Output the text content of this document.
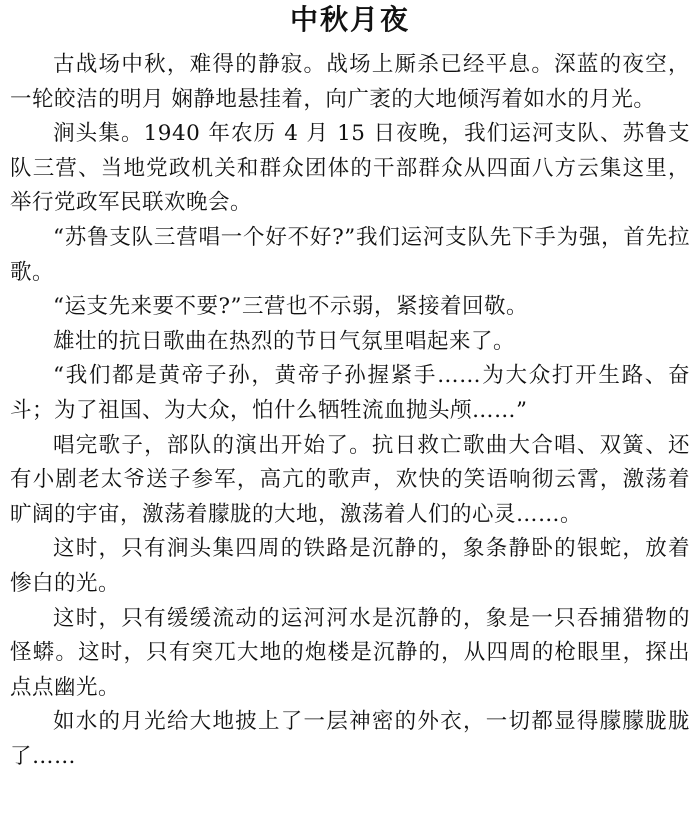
中秋月夜

古战场中秋，难得的静寂。战场上厮杀已经平息。深蓝的夜空，一轮皎洁的明月 娴静地悬挂着，向广袤的大地倾泻着如水的月光。

涧头集。1940 年农历 4 月 15 日夜晚，我们运河支队、苏鲁支队三营、当地党政机关和群众团体的干部群众从四面八方云集这里，举行党政军民联欢晚会。

“苏鲁支队三营唱一个好不好?”我们运河支队先下手为强，首先拉歌。

“运支先来要不要?”三营也不示弱，紧接着回敬。

雄壮的抗日歌曲在热烈的节日气氛里唱起来了。

“我们都是黄帝子孙，黄帝子孙握紧手……为大众打开生路、奋斗；为了祖国、为大众，怕什么牺牲流血抛头颅……”

唱完歌子，部队的演出开始了。抗日救亡歌曲大合唱、双簧、还有小剧老太爷送子参军，高亢的歌声，欢快的笑语响彻云霄，激荡着旷阔的宇宙，激荡着朦胧的大地，激荡着人们的心灵……。

这时，只有涧头集四周的铁路是沉静的，象条静卧的银蛇，放着惨白的光。

这时，只有缓缓流动的运河河水是沉静的，象是一只吞捕猎物的怪蟒。这时，只有突兀大地的炮楼是沉静的，从四周的枪眼里，探出点点幽光。

如水的月光给大地披上了一层神密的外衣，一切都显得朦朦胧胧了……
